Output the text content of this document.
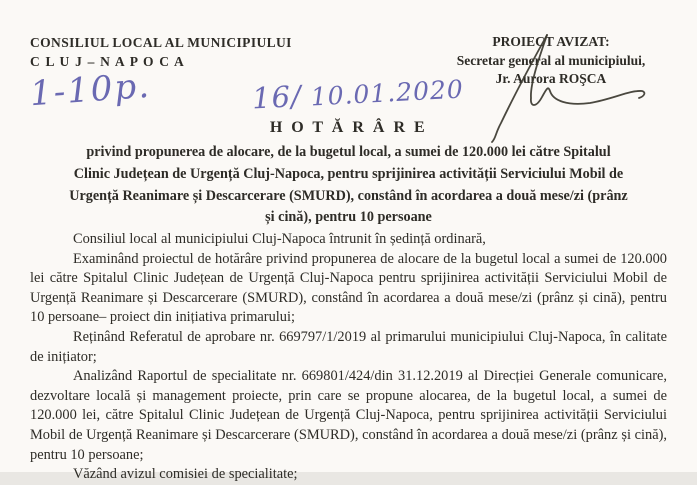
CONSILIUL LOCAL AL MUNICIPIULUI
C L U J – N A P O C A
PROIECT AVIZAT:
Secretar general al municipiului,
Jr. Aurora ROŞCA
1-10p.	16/ 10.01.2020
H O T Ă R Â R E
privind propunerea de alocare, de la bugetul local, a sumei de 120.000 lei către Spitalul
Clinic Județean de Urgență Cluj-Napoca, pentru sprijinirea activității Serviciului Mobil de
Urgență Reanimare și Descarcerare (SMURD), constând în acordarea a două mese/zi (prânz
și cină), pentru 10 persoane

Consiliul local al municipiului Cluj-Napoca întrunit în ședință ordinară,

Examinând proiectul de hotărâre privind propunerea de alocare de la bugetul local a sumei de 120.000 lei către Spitalul Clinic Județean de Urgență Cluj-Napoca pentru sprijinirea activității Serviciului Mobil de Urgență Reanimare și Descarcerare (SMURD), constând în acordarea a două mese/zi (prânz și cină), pentru 10 persoane– proiect din inițiativa primarului;

Reținând Referatul de aprobare nr. 669797/1/2019 al primarului municipiului Cluj-Napoca, în calitate de inițiator;

Analizând Raportul de specialitate nr. 669801/424/din 31.12.2019 al Direcției Generale comunicare, dezvoltare locală și management proiecte, prin care se propune alocarea, de la bugetul local, a sumei de 120.000 lei, către Spitalul Clinic Județean de Urgență Cluj-Napoca, pentru sprijinirea activității Serviciului Mobil de Urgență Reanimare și Descarcerare (SMURD), constând în acordarea a două mese/zi (prânz și cină), pentru 10 persoane;

Văzând avizul comisiei de specialitate;
